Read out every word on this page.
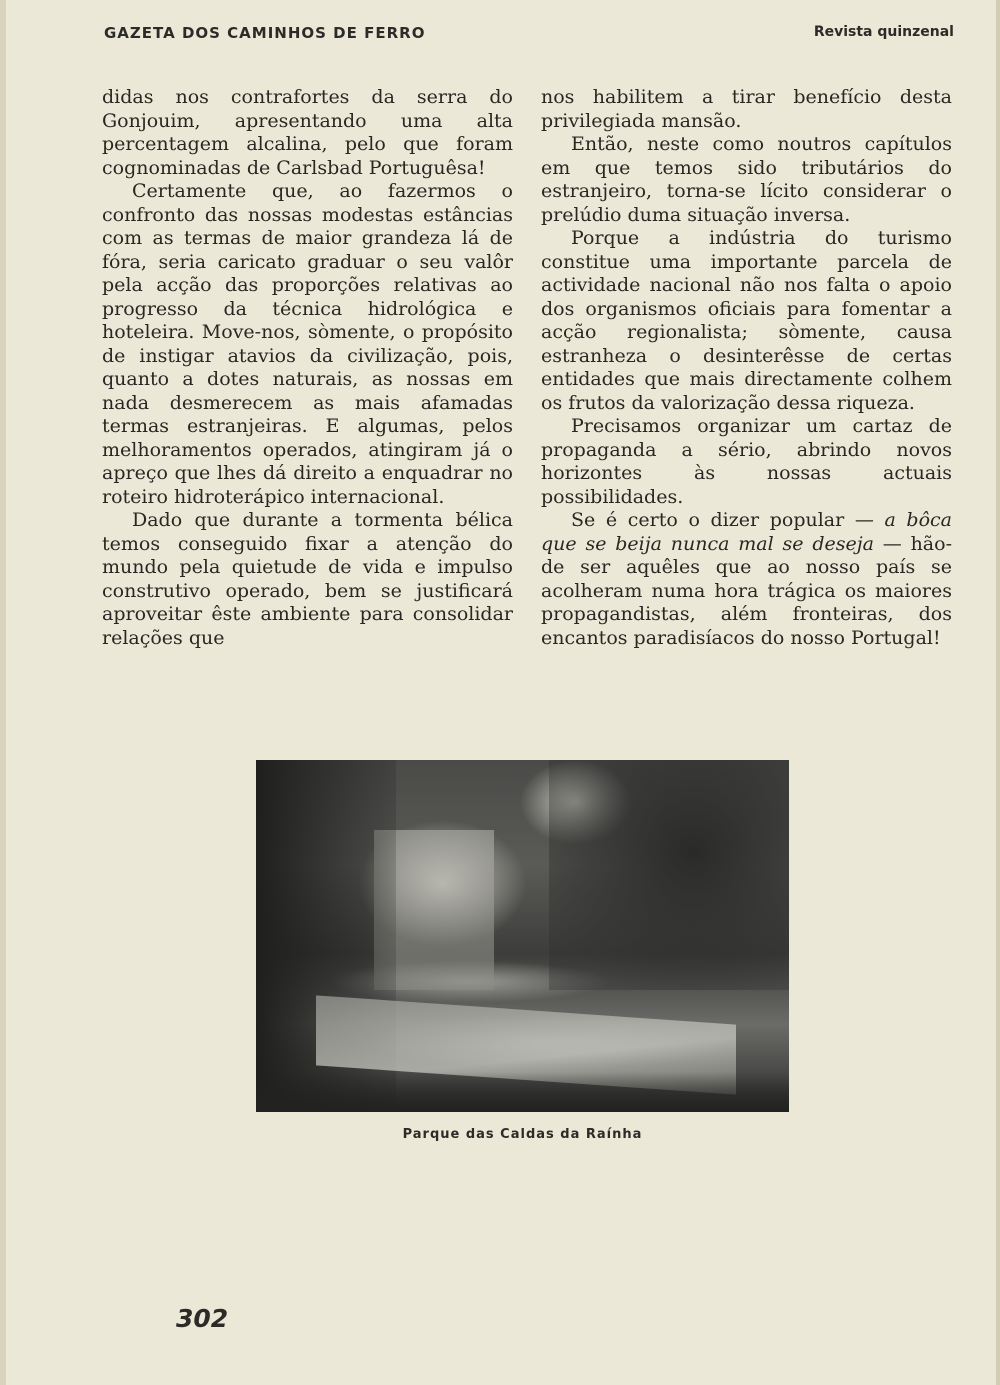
GAZETA DOS CAMINHOS DE FERRO	Revista quinzenal

didas nos contrafortes da serra do Gonjouim, apresentando uma alta percentagem alcalina, pelo que foram cognominadas de Carlsbad Portuguêsa!

Certamente que, ao fazermos o confronto das nossas modestas estâncias com as termas de maior grandeza lá de fóra, seria caricato graduar o seu valôr pela acção das proporções relativas ao progresso da técnica hidrológica e hoteleira. Move-nos, sòmente, o propósito de instigar atavios da civilização, pois, quanto a dotes naturais, as nossas em nada desmerecem as mais afamadas termas estranjeiras. E algumas, pelos melhoramentos operados, atingiram já o apreço que lhes dá direito a enquadrar no roteiro hidroterápico internacional.

Dado que durante a tormenta bélica temos conseguido fixar a atenção do mundo pela quietude de vida e impulso construtivo operado, bem se justificará aproveitar êste ambiente para consolidar relações que

nos habilitem a tirar benefício desta privilegiada mansão.

Então, neste como noutros capítulos em que temos sido tributários do estranjeiro, torna-se lícito considerar o prelúdio duma situação inversa.

Porque a indústria do turismo constitue uma importante parcela de actividade nacional não nos falta o apoio dos organismos oficiais para fomentar a acção regionalista; sòmente, causa estranheza o desinterêsse de certas entidades que mais directamente colhem os frutos da valorização dessa riqueza.

Precisamos organizar um cartaz de propaganda a sério, abrindo novos horizontes às nossas actuais possibilidades.

Se é certo o dizer popular — a bôca que se beija nunca mal se deseja — hão-de ser aquêles que ao nosso país se acolheram numa hora trágica os maiores propagandistas, além fronteiras, dos encantos paradisíacos do nosso Portugal!

Parque das Caldas da Raínha
302
